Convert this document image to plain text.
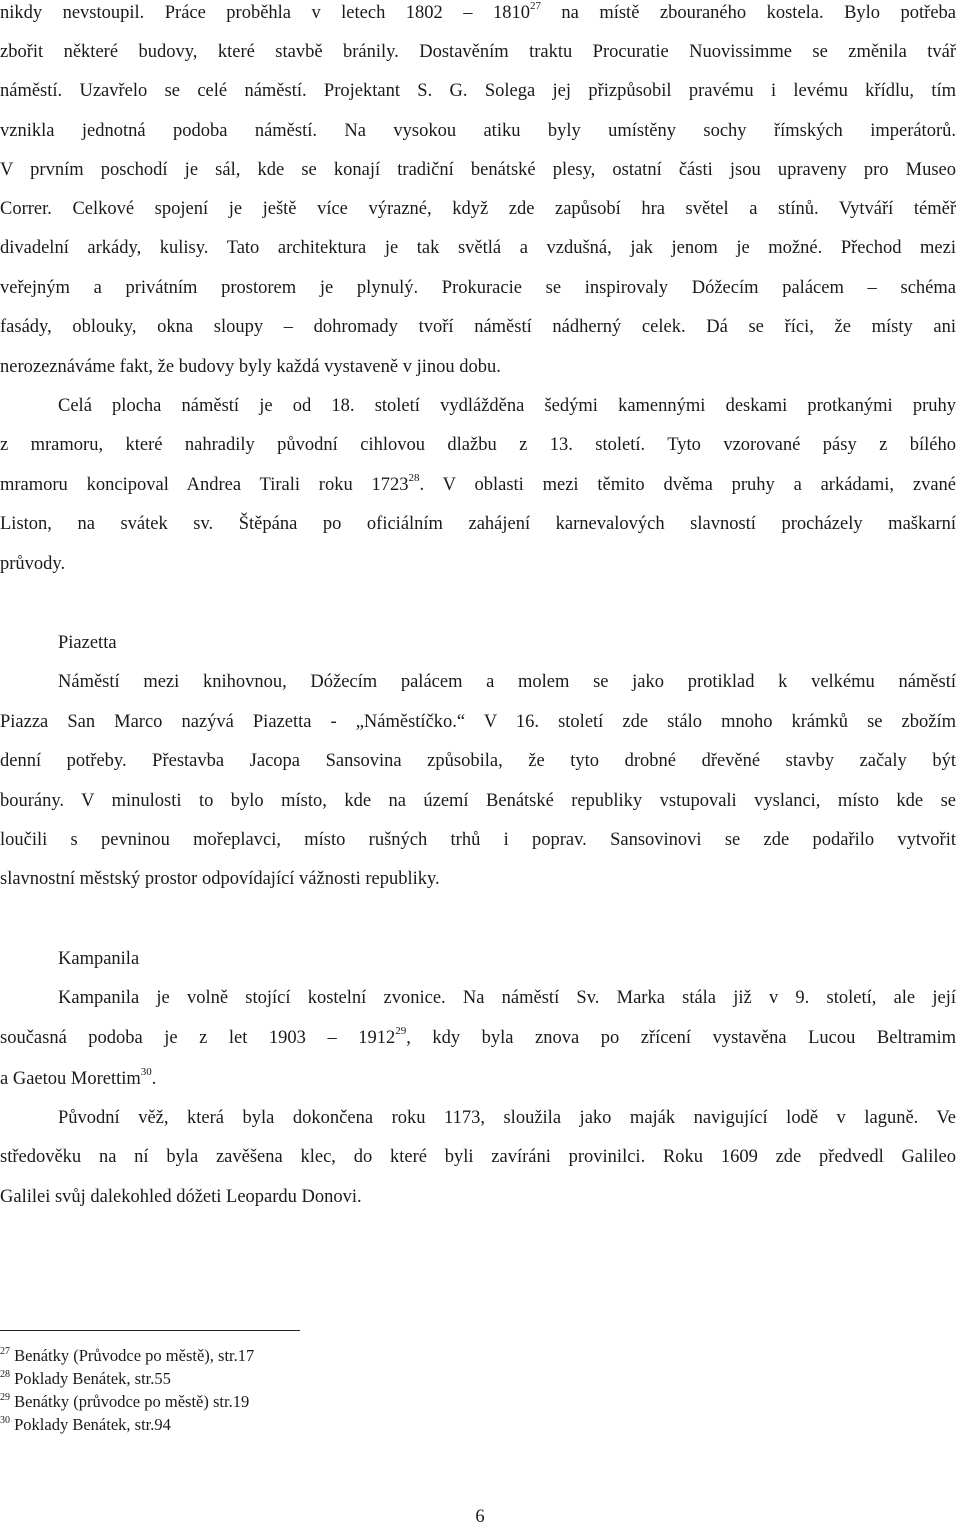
nikdy nevstoupil. Práce proběhla v letech 1802 – 1810$^{27}$ na místě zbouraného kostela. Bylo potřeba
zbořit některé budovy, které stavbě bránily. Dostavěním traktu Procuratie Nuovissimme se změnila tvář
náměstí. Uzavřelo se celé náměstí. Projektant S. G. Solega jej přizpůsobil pravému i levému křídlu, tím
vznikla jednotná podoba náměstí. Na vysokou atiku byly umístěny sochy římských imperátorů.
V prvním poschodí je sál, kde se konají tradiční benátské plesy, ostatní části jsou upraveny pro Museo
Correr. Celkové spojení je ještě více výrazné, když zde zapůsobí hra světel a stínů. Vytváří téměř
divadelní arkády, kulisy. Tato architektura je tak světlá a vzdušná, jak jenom je možné. Přechod mezi
veřejným a privátním prostorem je plynulý. Prokuracie se inspirovaly Dóžecím palácem – schéma
fasády, oblouky, okna sloupy – dohromady tvoří náměstí nádherný celek. Dá se říci, že místy ani
nerozeznáváme fakt, že budovy byly každá vystaveně v jinou dobu.
Celá plocha náměstí je od 18. století vydlážděna šedými kamennými deskami protkanými pruhy
z mramoru, které nahradily původní cihlovou dlažbu z 13. století. Tyto vzorované pásy z bílého
mramoru koncipoval Andrea Tirali roku 1723$^{28}$. V oblasti mezi těmito dvěma pruhy a arkádami, zvané
Liston, na svátek sv. Štěpána po oficiálním zahájení karnevalových slavností procházely maškarní
průvody.
Piazetta
Náměstí mezi knihovnou, Dóžecím palácem a molem se jako protiklad k velkému náměstí
Piazza San Marco nazývá Piazetta - „Náměstíčko.“ V 16. století zde stálo mnoho krámků se zbožím
denní potřeby. Přestavba Jacopa Sansovina způsobila, že tyto drobné dřevěné stavby začaly být
bourány. V minulosti to bylo místo, kde na území Benátské republiky vstupovali vyslanci, místo kde se
loučili s pevninou mořeplavci, místo rušných trhů i poprav. Sansovinovi se zde podařilo vytvořit
slavnostní městský prostor odpovídající vážnosti republiky.
Kampanila
Kampanila je volně stojící kostelní zvonice. Na náměstí Sv. Marka stála již v 9. století, ale její
současná podoba je z let 1903 – 1912$^{29}$, kdy byla znova po zřícení vystavěna Lucou Beltramim
a Gaetou Morettim$^{30}$.
Původní věž, která byla dokončena roku 1173, sloužila jako maják navigující lodě v laguně. Ve
středověku na ní byla zavěšena klec, do které byli zavíráni provinilci. Roku 1609 zde předvedl Galileo
Galilei svůj dalekohled dóžeti Leopardu Donovi.
$^{27}$ Benátky (Průvodce po městě), str.17
$^{28}$ Poklady Benátek, str.55
$^{29}$ Benátky (průvodce po městě) str.19
$^{30}$ Poklady Benátek, str.94
6
